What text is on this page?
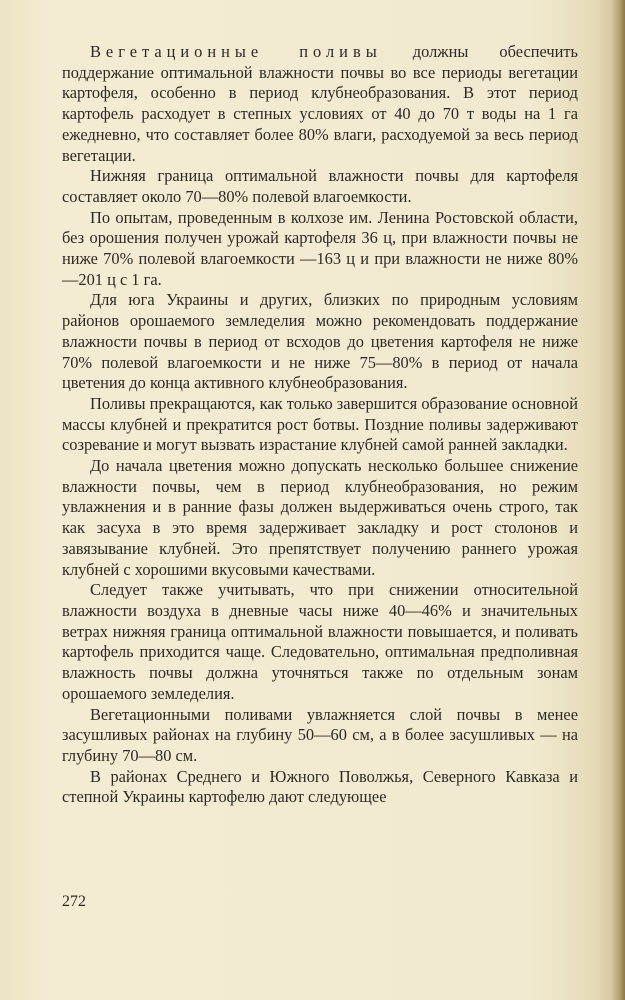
Вегетационные поливы должны обеспечить поддержание оптимальной влажности почвы во все периоды вегетации картофеля, особенно в период клубнеобразования. В этот период картофель расходует в степных условиях от 40 до 70 т воды на 1 га ежедневно, что составляет более 80% влаги, расходуемой за весь период вегетации.

Нижняя граница оптимальной влажности почвы для картофеля составляет около 70—80% полевой влагоемкости.

По опытам, проведенным в колхозе им. Ленина Ростовской области, без орошения получен урожай картофеля 36 ц, при влажности почвы не ниже 70% полевой влагоемкости —163 ц и при влажности не ниже 80%—201 ц с 1 га.

Для юга Украины и других, близких по природным условиям районов орошаемого земледелия можно рекомендовать поддержание влажности почвы в период от всходов до цветения картофеля не ниже 70% полевой влагоемкости и не ниже 75—80% в период от начала цветения до конца активного клубнеобразования.

Поливы прекращаются, как только завершится образование основной массы клубней и прекратится рост ботвы. Поздние поливы задерживают созревание и могут вызвать израстание клубней самой ранней закладки.

До начала цветения можно допускать несколько большее снижение влажности почвы, чем в период клубнеобразования, но режим увлажнения и в ранние фазы должен выдерживаться очень строго, так как засуха в это время задерживает закладку и рост столонов и завязывание клубней. Это препятствует получению раннего урожая клубней с хорошими вкусовыми качествами.

Следует также учитывать, что при снижении относительной влажности воздуха в дневные часы ниже 40—46% и значительных ветрах нижняя граница оптимальной влажности повышается, и поливать картофель приходится чаще. Следовательно, оптимальная предполивная влажность почвы должна уточняться также по отдельным зонам орошаемого земледелия.

Вегетационными поливами увлажняется слой почвы в менее засушливых районах на глубину 50—60 см, а в более засушливых — на глубину 70—80 см.

В районах Среднего и Южного Поволжья, Северного Кавказа и степной Украины картофелю дают следующее

272
